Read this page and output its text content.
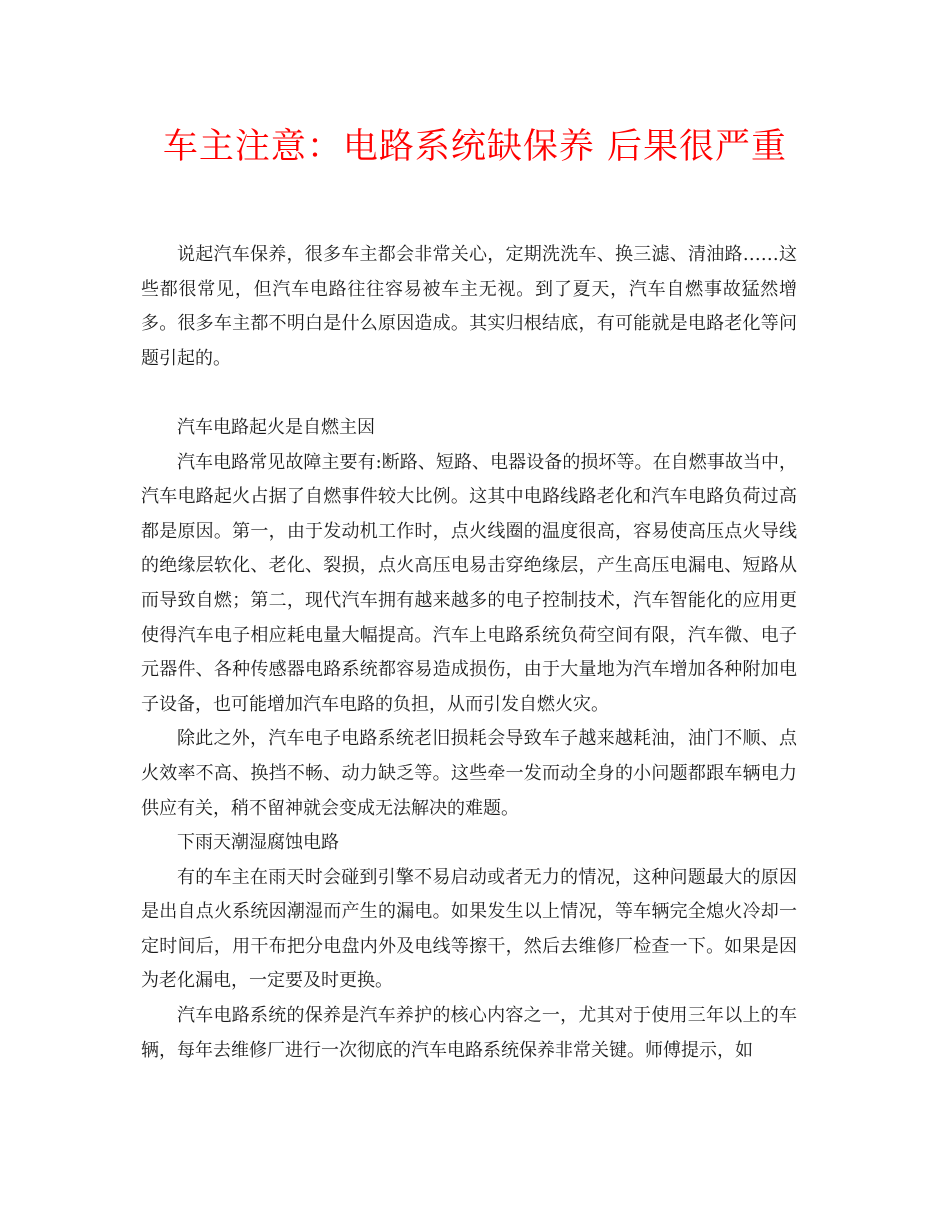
车主注意：电路系统缺保养 后果很严重

说起汽车保养，很多车主都会非常关心，定期洗洗车、换三滤、清油路……这些都很常见，但汽车电路往往容易被车主无视。到了夏天，汽车自燃事故猛然增多。很多车主都不明白是什么原因造成。其实归根结底，有可能就是电路老化等问题引起的。

汽车电路起火是自燃主因

汽车电路常见故障主要有:断路、短路、电器设备的损坏等。在自燃事故当中，汽车电路起火占据了自燃事件较大比例。这其中电路线路老化和汽车电路负荷过高都是原因。第一，由于发动机工作时，点火线圈的温度很高，容易使高压点火导线的绝缘层软化、老化、裂损，点火高压电易击穿绝缘层，产生高压电漏电、短路从而导致自燃；第二，现代汽车拥有越来越多的电子控制技术，汽车智能化的应用更使得汽车电子相应耗电量大幅提高。汽车上电路系统负荷空间有限，汽车微、电子元器件、各种传感器电路系统都容易造成损伤，由于大量地为汽车增加各种附加电子设备，也可能增加汽车电路的负担，从而引发自燃火灾。

除此之外，汽车电子电路系统老旧损耗会导致车子越来越耗油，油门不顺、点火效率不高、换挡不畅、动力缺乏等。这些牵一发而动全身的小问题都跟车辆电力供应有关，稍不留神就会变成无法解决的难题。

下雨天潮湿腐蚀电路

有的车主在雨天时会碰到引擎不易启动或者无力的情况，这种问题最大的原因是出自点火系统因潮湿而产生的漏电。如果发生以上情况，等车辆完全熄火冷却一定时间后，用干布把分电盘内外及电线等擦干，然后去维修厂检查一下。如果是因为老化漏电，一定要及时更换。

汽车电路系统的保养是汽车养护的核心内容之一，尤其对于使用三年以上的车辆，每年去维修厂进行一次彻底的汽车电路系统保养非常关键。师傅提示，如
